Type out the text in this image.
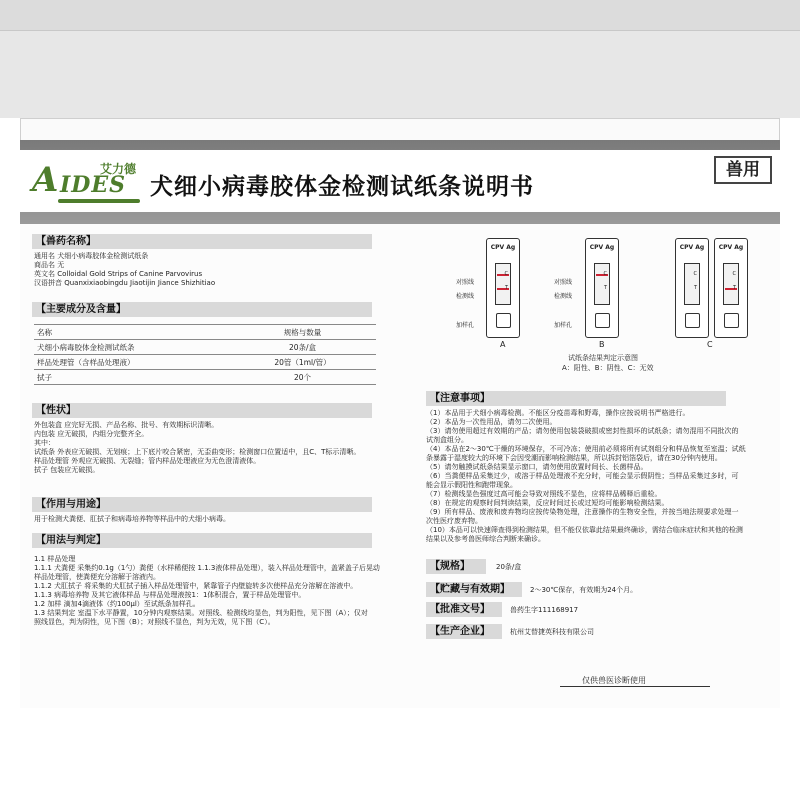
A IDES
艾力德
犬细小病毒胶体金检测试纸条说明书
兽用
【兽药名称】
通用名 犬细小病毒胶体金检测试纸条
商品名 无
英文名 Colloidal Gold Strips of Canine Parvovirus
汉语拼音 Quanxixiaobingdu Jiaotijin Jiance Shizhitiao
【主要成分及含量】
名称	规格与数量
犬细小病毒胶体金检测试纸条	20条/盒
样品处理管（含样品处理液）	20管（1ml/管）
拭子	20个
【性状】
外包装盒 应完好无损、产品名称、批号、有效期标识清晰。
内包装 应无破损，内组分完整齐全。
其中：
试纸条 外表应无破损、无划痕；上下底片咬合紧密，无歪曲变形；检测窗口位置适中，且C、T标示清晰。
样品处理管 外观应无破损、无裂缝；管内样品处理液应为无色澄清液体。
拭子 包装应无破损。
【作用与用途】
用于检测犬粪便、肛拭子和病毒培养物等样品中的犬细小病毒。
【用法与判定】
1.1 样品处理
1.1.1 犬粪便 采集约0.1g（1勺）粪便（水样稀便按 1.1.3液体样品处理），装入样品处理管中，盖紧盖子后晃动
样品处理管，使粪便充分溶解于溶液内。
1.1.2 犬肛拭子 将采集的犬肛拭子插入样品处理管中，紧靠管子内壁旋转多次使样品充分溶解在溶液中。
1.1.3 病毒培养物 及其它液体样品 与样品处理液按1：1体积混合，置于样品处理管中。
1.2 加样 滴加4滴液体（约100μl）至试纸条加样孔。
1.3 结果判定 室温下水平静置，10分钟内观察结果。对照线、检测线均显色，判为阳性，见下图（A）；仅对
照线显色，判为阴性，见下图（B）；对照线不显色，判为无效，见下图（C）。
CPV Ag
C
T
对照线
检测线
加样孔
A
CPV Ag
C
T
对照线
检测线
加样孔
B
CPV Ag
C
T
CPV Ag
C
T
C
试纸条结果判定示意图
A：阳性、B：阴性、C：无效
【注意事项】
（1）本品用于犬细小病毒检测。不能区分疫苗毒和野毒，操作应按说明书严格进行。
（2）本品为一次性用品，请勿二次使用。
（3）请勿使用超过有效期的产品；请勿使用包装袋破损或密封性损坏的试纸条；请勿混用不同批次的
试剂盒组分。
（4）本品在2～30℃干燥的环境保存，不可冷冻；使用前必须将所有试剂组分和样品恢复至室温；试纸
条暴露于湿度较大的环境下会因受潮而影响检测结果，所以拆封铝箔袋后，请在30分钟内使用。
（5）请勿触摸试纸条结果显示窗口，请勿使用放置时间长、长菌样品。
（6）当粪便样品采集过少，或溶于样品处理液不充分时，可能会显示假阴性；当样品采集过多时，可
能会显示假阳性和跑带现象。
（7）检测线显色强度过高可能会导致对照线不显色，应将样品稀释后重检。
（8）在规定的观察时间判读结果，反应时间过长或过短均可能影响检测结果。
（9）所有样品、废液和废弃物均应按传染物处理，注意操作的生物安全性，并按当地法规要求处理一
次性医疗废弃物。
（10）本品可以快速筛查得到检测结果，但不能仅依靠此结果最终确诊，需结合临床症状和其他的检测
结果以及参考兽医师综合判断来确诊。
【规格】	20条/盒
【贮藏与有效期】	2～30℃保存，有效期为24个月。
【批准文号】	兽药生字111168917
【生产企业】	杭州艾替捷英科技有限公司
仅供兽医诊断使用
